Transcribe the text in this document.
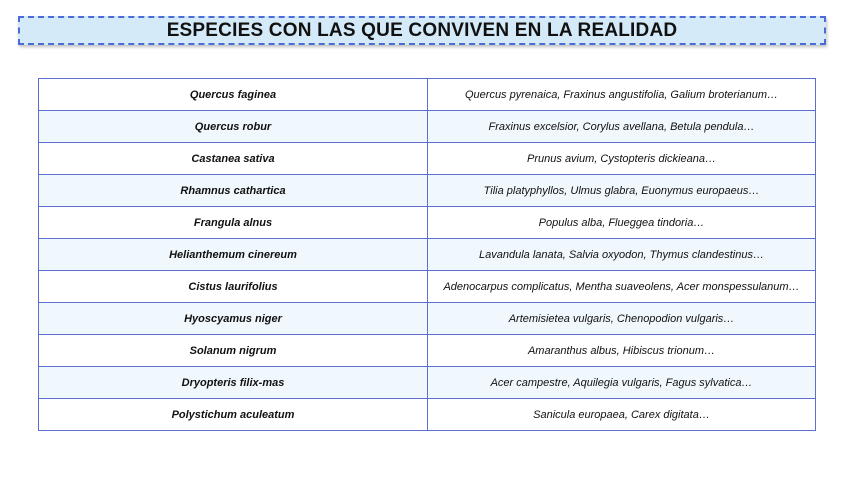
ESPECIES CON LAS QUE CONVIVEN EN LA REALIDAD
Quercus faginea	Quercus pyrenaica, Fraxinus angustifolia, Galium broterianum…
Quercus robur	Fraxinus excelsior, Corylus avellana, Betula pendula…
Castanea sativa	Prunus avium, Cystopteris dickieana…
Rhamnus cathartica	Tilia platyphyllos, Ulmus glabra, Euonymus europaeus…
Frangula alnus	Populus alba, Flueggea tindoria…
Helianthemum cinereum	Lavandula lanata, Salvia oxyodon, Thymus clandestinus…
Cistus laurifolius	Adenocarpus complicatus, Mentha suaveolens, Acer monspessulanum…
Hyoscyamus niger	Artemisietea vulgaris, Chenopodion vulgaris…
Solanum nigrum	Amaranthus albus, Hibiscus trionum…
Dryopteris filix-mas	Acer campestre, Aquilegia vulgaris, Fagus sylvatica…
Polystichum aculeatum	Sanicula europaea, Carex digitata…
